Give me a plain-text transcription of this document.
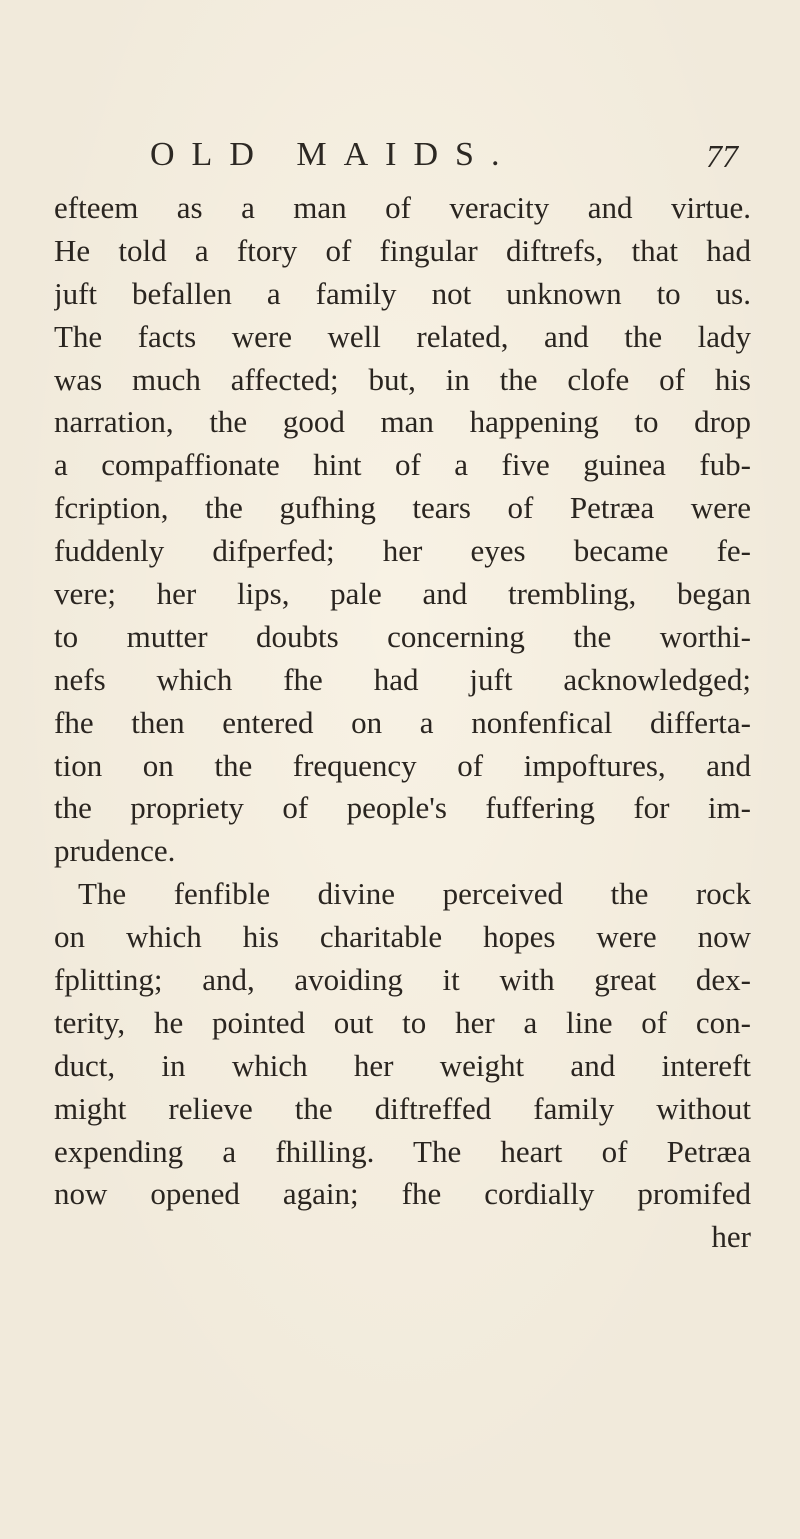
OLD MAIDS.	77
efteem as a man of veracity and virtue.
He told a ftory of fingular diftrefs, that had
juft befallen a family not unknown to us.
The facts were well related, and the lady
was much affected; but, in the clofe of his
narration, the good man happening to drop
a compaffionate hint of a five guinea fub-
fcription, the gufhing tears of Petræa were
fuddenly difperfed; her eyes became fe-
vere; her lips, pale and trembling, began
to mutter doubts concerning the worthi-
nefs which fhe had juft acknowledged;
fhe then entered on a nonfenfical differta-
tion on the frequency of impoftures, and
the propriety of people's fuffering for im-
prudence.
The fenfible divine perceived the rock
on which his charitable hopes were now
fplitting; and, avoiding it with great dex-
terity, he pointed out to her a line of con-
duct, in which her weight and intereft
might relieve the diftreffed family without
expending a fhilling. The heart of Petræa
now opened again; fhe cordially promifed
her
